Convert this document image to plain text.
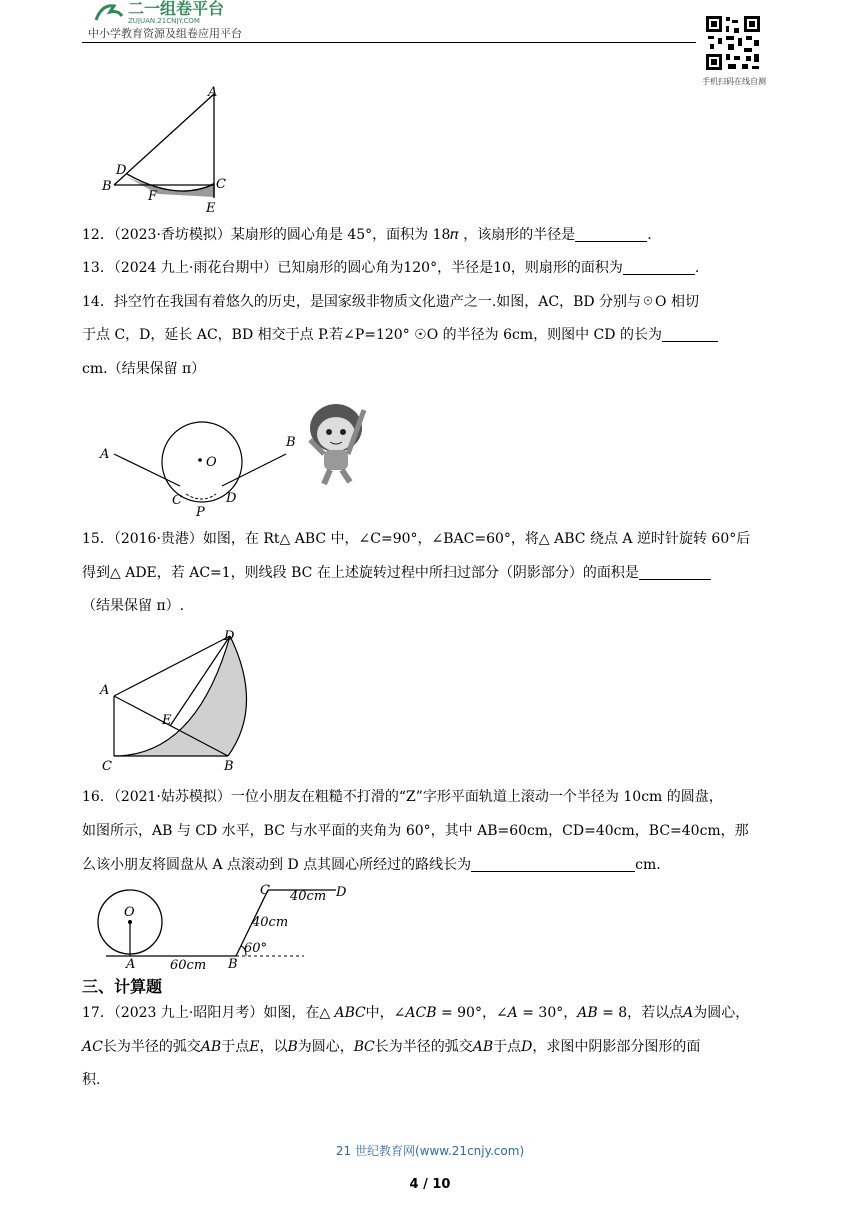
二一组卷平台
ZUJUAN.21CNJY.COM
中小学教育资源及组卷应用平台
手机扫码在线自测
A
B	C
D
E
F
12．（2023·香坊模拟）某扇形的圆心角是 45°，面积为 18𝜋 ，该扇形的半径是	.
13．（2024 九上·雨花台期中）已知扇形的圆心角为120°，半径是10，则扇形的面积为	.
14．抖空竹在我国有着悠久的历史，是国家级非物质文化遗产之一.如图，AC，BD 分别与☉O 相切
于点 C，D，延长 AC，BD 相交于点 P.若∠P=120° ☉O 的半径为 6cm，则图中 CD 的长为
cm.（结果保留 π）
A
B
C	D
O
P
15．（2016·贵港）如图，在 Rt△ ABC 中，∠C=90°，∠BAC=60°，将△ ABC 绕点 A 逆时针旋转 60°后
得到△ ADE，若 AC=1，则线段 BC 在上述旋转过程中所扫过部分（阴影部分）的面积是
（结果保留 π）.
A
B
C
D
E
16．（2021·姑苏模拟）一位小朋友在粗糙不打滑的“Z”字形平面轨道上滚动一个半径为 10cm 的圆盘，
如图所示，AB 与 CD 水平，BC 与水平面的夹角为 60°，其中 AB=60cm，CD=40cm，BC=40cm，那
么该小朋友将圆盘从 A 点滚动到 D 点其圆心所经过的路线长为	cm.
O
A	B
C	D
60cm
40cm
40cm
60°
三、计算题
17．（2023 九上·昭阳月考）如图，在△ 𝐴𝐵𝐶中，∠𝐴𝐶𝐵 = 90°，∠𝐴 = 30°，𝐴𝐵 = 8，若以点𝐴为圆心，
𝐴𝐶长为半径的弧交𝐴𝐵于点𝐸，以𝐵为圆心，𝐵𝐶长为半径的弧交𝐴𝐵于点𝐷，求图中阴影部分图形的面
积.
21 世纪教育网(www.21cnjy.com)
4 / 10
